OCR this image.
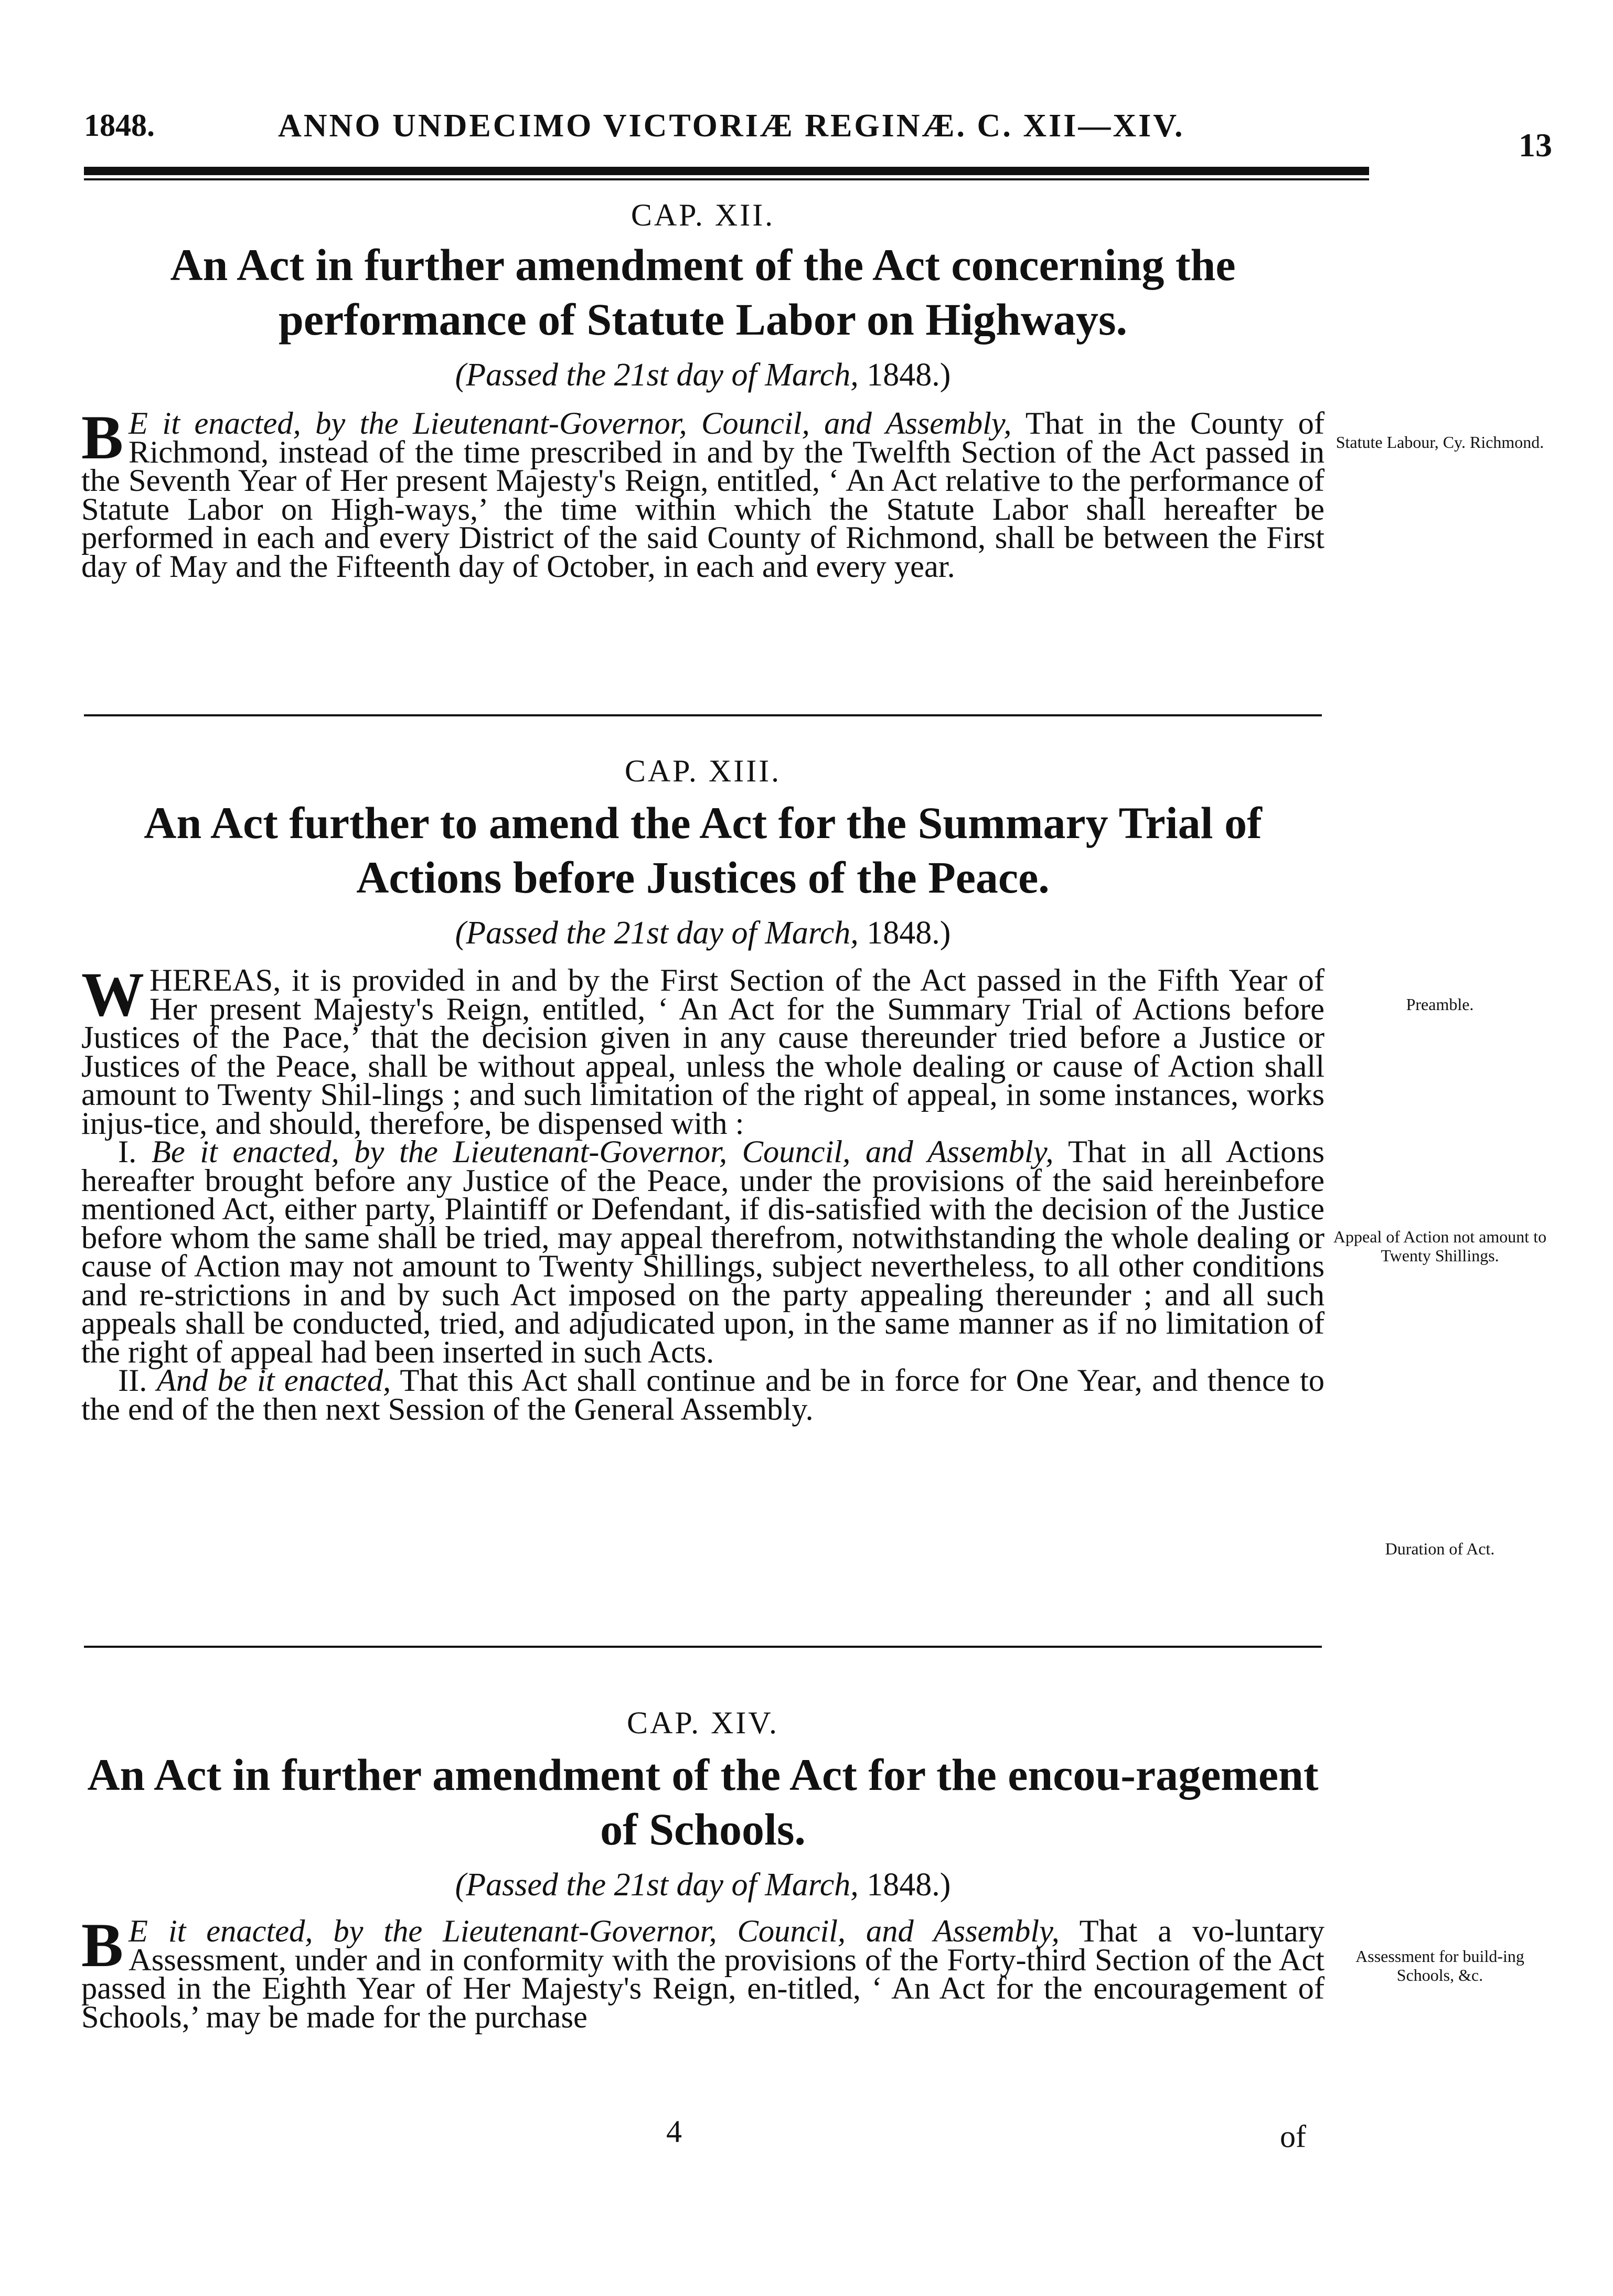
1848.	ANNO UNDECIMO VICTORIÆ REGINÆ. C. XII—XIV.
13

CAP. XII.

An Act in further amendment of the Act concerning the performance of Statute Labor on Highways.

(Passed the 21st day of March, 1848.)

B E it enacted, by the Lieutenant-Governor, Council, and Assembly, That in the County of Richmond, instead of the time prescribed in and by the Twelfth Section of the Act passed in the Seventh Year of Her present Majesty's Reign, entitled, ‘ An Act relative to the performance of Statute Labor on High-ways,’ the time within which the Statute Labor shall hereafter be performed in each and every District of the said County of Richmond, shall be between the First day of May and the Fifteenth day of October, in each and every year.

Statute Labour, Cy. Richmond.

CAP. XIII.

An Act further to amend the Act for the Summary Trial of Actions before Justices of the Peace.

(Passed the 21st day of March, 1848.)

WHEREAS, it is provided in and by the First Section of the Act passed in the Fifth Year of Her present Majesty's Reign, entitled, ‘ An Act for the Summary Trial of Actions before Justices of the Pace,’ that the decision given in any cause thereunder tried before a Justice or Justices of the Peace, shall be without appeal, unless the whole dealing or cause of Action shall amount to Twenty Shil-lings ; and such limitation of the right of appeal, in some instances, works injus-tice, and should, therefore, be dispensed with :

I. Be it enacted, by the Lieutenant-Governor, Council, and Assembly, That in all Actions hereafter brought before any Justice of the Peace, under the provisions of the said hereinbefore mentioned Act, either party, Plaintiff or Defendant, if dis-satisfied with the decision of the Justice before whom the same shall be tried, may appeal therefrom, notwithstanding the whole dealing or cause of Action may not amount to Twenty Shillings, subject nevertheless, to all other conditions and re-strictions in and by such Act imposed on the party appealing thereunder ; and all such appeals shall be conducted, tried, and adjudicated upon, in the same manner as if no limitation of the right of appeal had been inserted in such Acts.

II. And be it enacted, That this Act shall continue and be in force for One Year, and thence to the end of the then next Session of the General Assembly.

Preamble.
Appeal of Action not amount to Twenty Shillings.
Duration of Act.

CAP. XIV.

An Act in further amendment of the Act for the encou-ragement of Schools.

(Passed the 21st day of March, 1848.)

B E it enacted, by the Lieutenant-Governor, Council, and Assembly, That a vo-luntary Assessment, under and in conformity with the provisions of the Forty-third Section of the Act passed in the Eighth Year of Her Majesty's Reign, en-titled, ‘ An Act for the encouragement of Schools,’ may be made for the purchase

Assessment for build-ing Schools, &c.
4	of
